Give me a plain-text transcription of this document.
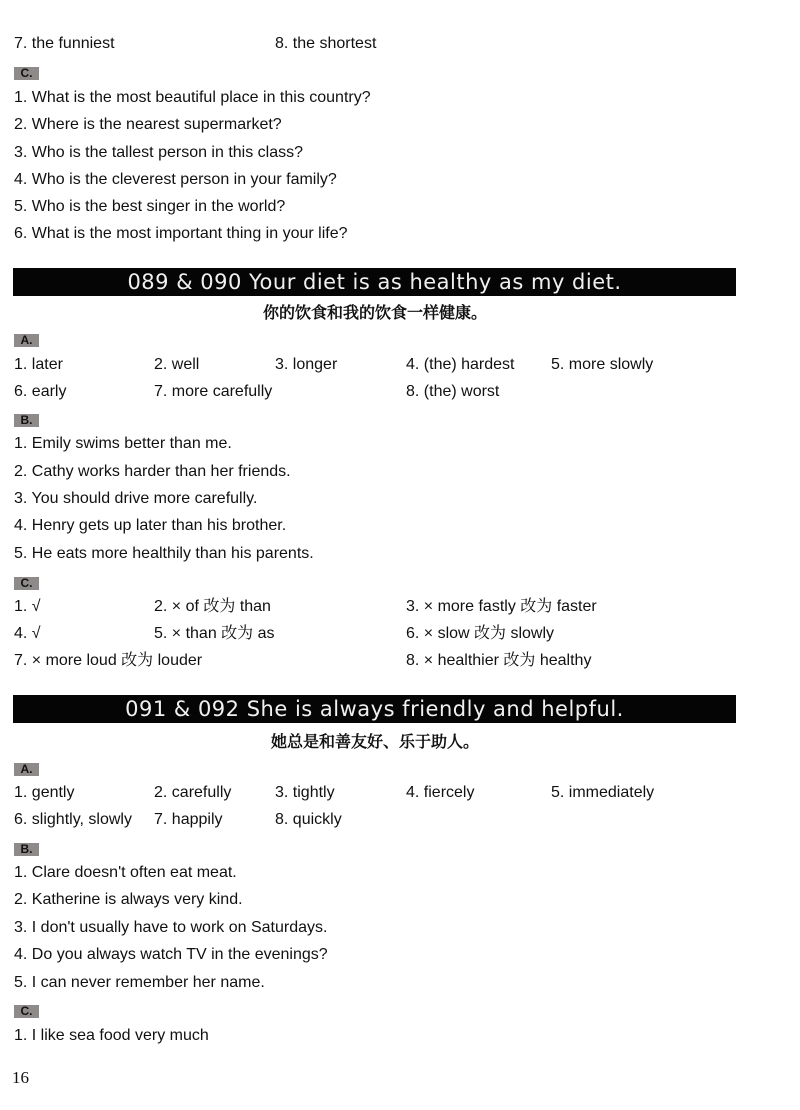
7. the funniest	8. the shortest
C.
1. What is the most beautiful place in this country?
2. Where is the nearest supermarket?
3. Who is the tallest person in this class?
4. Who is the cleverest person in your family?
5. Who is the best singer in the world?
6. What is the most important thing in your life?
089 & 090 Your diet is as healthy as my diet.
你的饮食和我的饮食一样健康。
A.
1. later	2. well	3. longer	4. (the) hardest 5. more slowly
6. early	7. more carefully	8. (the) worst
B.
1. Emily swims better than me.
2. Cathy works harder than her friends.
3. You should drive more carefully.
4. Henry gets up later than his brother.
5. He eats more healthily than his parents.
C.
1. √	2. × of 改为 than	3. × more fastly 改为 faster
4. √	5. × than 改为 as	6. × slow 改为 slowly
7. × more loud 改为 louder	8. × healthier 改为 healthy
091 & 092 She is always friendly and helpful.
她总是和善友好、乐于助人。
A.
1. gently	2. carefully	3. tightly	4. fiercely	5. immediately
6. slightly, slowly 7. happily	8. quickly
B.
1. Clare doesn't often eat meat.
2. Katherine is always very kind.
3. I don't usually have to work on Saturdays.
4. Do you always watch TV in the evenings?
5. I can never remember her name.
C.
1. I like sea food very much
16
